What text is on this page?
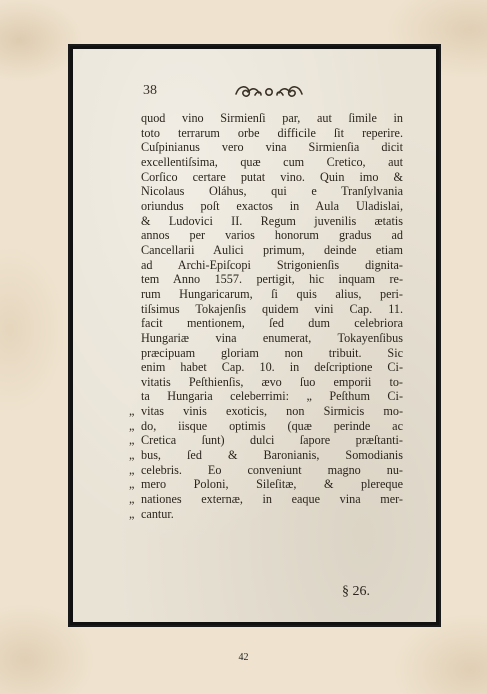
38
quod vino Sirmienſi par, aut ſimile in
toto terrarum orbe difficile ſit reperire.
Cuſpinianus vero vina Sirmienſia dicit
excellentiſsima, quæ cum Cretico, aut
Corſico certare putat vino. Quin imo &
Nicolaus Oláhus, qui e Tranſylvania
oriundus poſt exactos in Aula Uladislai,
& Ludovici II. Regum juvenilis ætatis
annos per varios honorum gradus ad
Cancellarii Aulici primum, deinde etiam
ad Archi-Epiſcopi Strigonienſis dignita-
tem Anno 1557. pertigit, hic inquam re-
rum Hungaricarum, ſi quis alius, peri-
tiſsimus Tokajenſis quidem vini Cap. 11.
facit mentionem, ſed dum celebriora
Hungariæ vina enumerat, Tokayenſibus
præcipuam gloriam non tribuit. Sic
enim habet Cap. 10. in deſcriptione Ci-
vitatis Peſthienſis, ævo ſuo emporii to-
ta Hungaria celeberrimi: „ Peſthum Ci-
„ vitas vinis exoticis, non Sirmicis mo-
„ do, iisque optimis (quæ perinde ac
„ Cretica ſunt) dulci ſapore præſtanti-
„ bus, ſed & Baronianis, Somodianis
„ celebris. Eo conveniunt magno nu-
„ mero Poloni, Sileſitæ, & plereque
„ nationes externæ, in eaque vina mer-
„ cantur.
§ 26.
42
